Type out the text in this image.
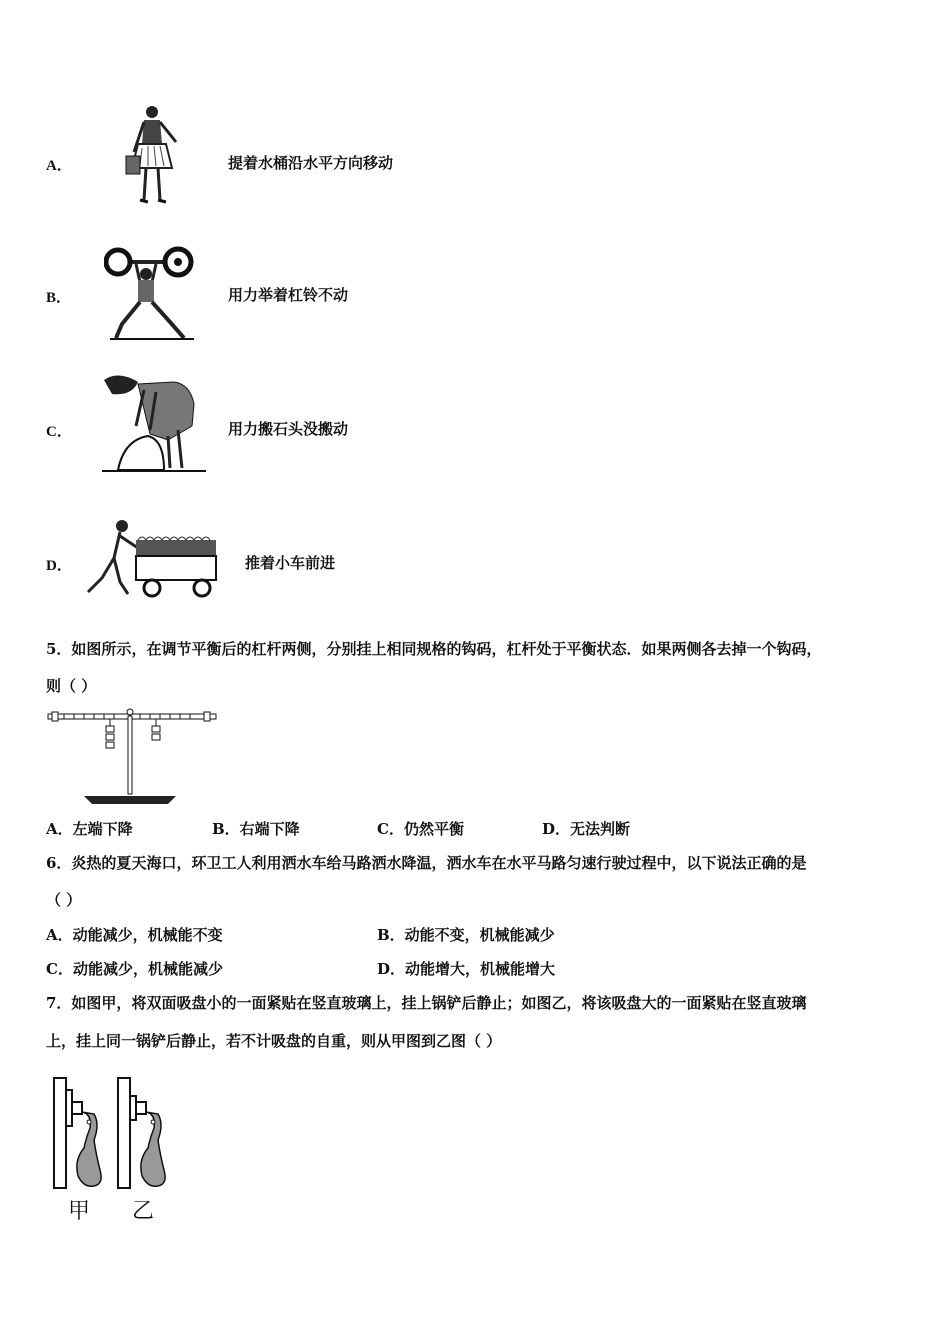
A．	提着水桶沿水平方向移动
B．	用力举着杠铃不动
C．	用力搬石头没搬动
D．	推着小车前进
5．如图所示，在调节平衡后的杠杆两侧，分别挂上相同规格的钩码，杠杆处于平衡状态．如果两侧各去掉一个钩码，
则（ ）
A．左端下降	B．右端下降	C．仍然平衡	D．无法判断
6．炎热的夏天海口，环卫工人利用洒水车给马路洒水降温，洒水车在水平马路匀速行驶过程中，以下说法正确的是
（ ）
A．动能减少，机械能不变	B．动能不变，机械能减少
C．动能减少，机械能减少	D．动能增大，机械能增大
7．如图甲，将双面吸盘小的一面紧贴在竖直玻璃上，挂上锅铲后静止；如图乙，将该吸盘大的一面紧贴在竖直玻璃
上，挂上同一锅铲后静止，若不计吸盘的自重，则从甲图到乙图（ ）
甲 乙
